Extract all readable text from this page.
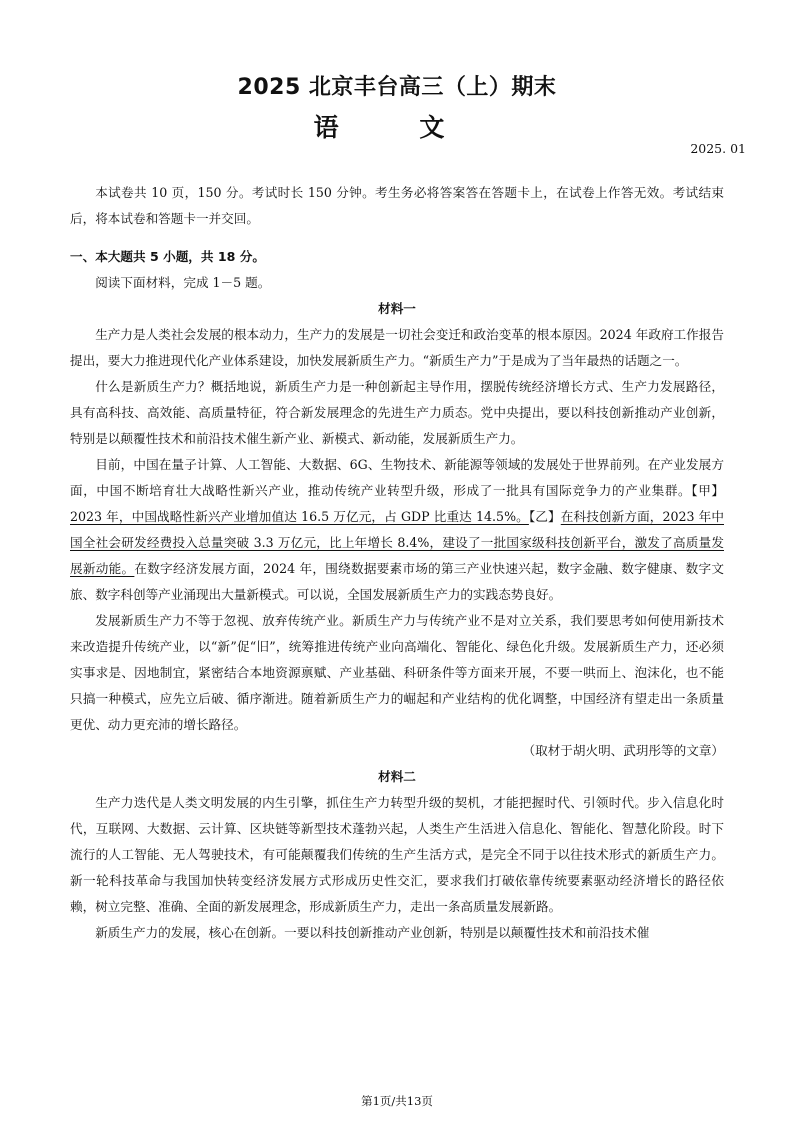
2025 北京丰台高三（上）期末
语 文
2025. 01

本试卷共 10 页，150 分。考试时长 150 分钟。考生务必将答案答在答题卡上，在试卷上作答无效。考试结束后，将本试卷和答题卡一并交回。

一、本大题共 5 小题，共 18 分。

阅读下面材料，完成 1－5 题。

材料一

生产力是人类社会发展的根本动力，生产力的发展是一切社会变迁和政治变革的根本原因。2024 年政府工作报告提出，要大力推进现代化产业体系建设，加快发展新质生产力。“新质生产力”于是成为了当年最热的话题之一。

什么是新质生产力？概括地说，新质生产力是一种创新起主导作用，摆脱传统经济增长方式、生产力发展路径，具有高科技、高效能、高质量特征，符合新发展理念的先进生产力质态。党中央提出，要以科技创新推动产业创新，特别是以颠覆性技术和前沿技术催生新产业、新模式、新动能，发展新质生产力。

目前，中国在量子计算、人工智能、大数据、6G、生物技术、新能源等领域的发展处于世界前列。在产业发展方面，中国不断培育壮大战略性新兴产业，推动传统产业转型升级，形成了一批具有国际竞争力的产业集群。【甲】2023 年，中国战略性新兴产业增加值达 16.5 万亿元，占 GDP 比重达 14.5%。【乙】在科技创新方面，2023 年中国全社会研发经费投入总量突破 3.3 万亿元，比上年增长 8.4%，建设了一批国家级科技创新平台，激发了高质量发展新动能。在数字经济发展方面，2024 年，围绕数据要素市场的第三产业快速兴起，数字金融、数字健康、数字文旅、数字科创等产业涌现出大量新模式。可以说，全国发展新质生产力的实践态势良好。

发展新质生产力不等于忽视、放弃传统产业。新质生产力与传统产业不是对立关系，我们要思考如何使用新技术来改造提升传统产业，以“新”促“旧”，统筹推进传统产业向高端化、智能化、绿色化升级。发展新质生产力，还必须实事求是、因地制宜，紧密结合本地资源禀赋、产业基础、科研条件等方面来开展，不要一哄而上、泡沫化，也不能只搞一种模式，应先立后破、循序渐进。随着新质生产力的崛起和产业结构的优化调整，中国经济有望走出一条质量更优、动力更充沛的增长路径。

（取材于胡火明、武玥彤等的文章）

材料二

生产力迭代是人类文明发展的内生引擎，抓住生产力转型升级的契机，才能把握时代、引领时代。步入信息化时代，互联网、大数据、云计算、区块链等新型技术蓬勃兴起，人类生产生活进入信息化、智能化、智慧化阶段。时下流行的人工智能、无人驾驶技术，有可能颠覆我们传统的生产生活方式，是完全不同于以往技术形式的新质生产力。新一轮科技革命与我国加快转变经济发展方式形成历史性交汇，要求我们打破依靠传统要素驱动经济增长的路径依赖，树立完整、准确、全面的新发展理念，形成新质生产力，走出一条高质量发展新路。

新质生产力的发展，核心在创新。一要以科技创新推动产业创新，特别是以颠覆性技术和前沿技术催

第1页/共13页
